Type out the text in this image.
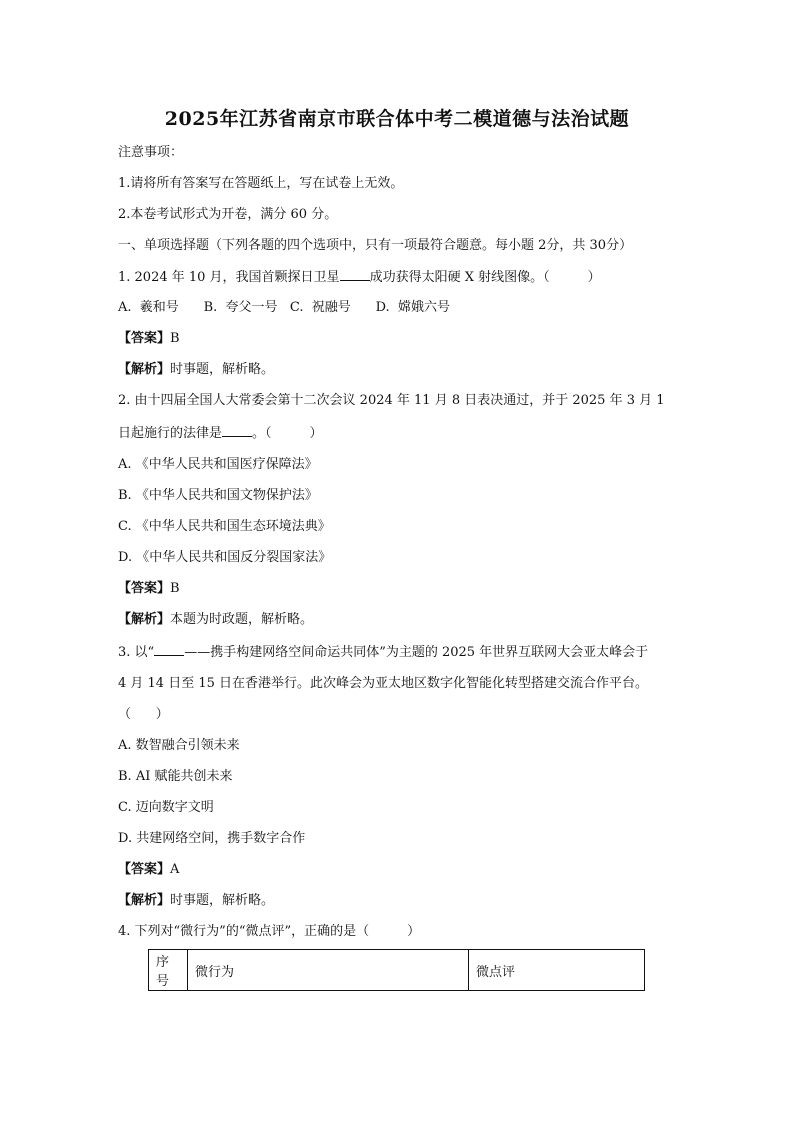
2025年江苏省南京市联合体中考二模道德与法治试题
注意事项：
1.请将所有答案写在答题纸上，写在试卷上无效。
2.本卷考试形式为开卷，满分 60 分。
一、单项选择题（下列各题的四个选项中，只有一项最符合题意。每小题 2分，共 30分）
1. 2024 年 10 月，我国首颗探日卫星 成功获得太阳硬 X 射线图像。（	）
A.  羲和号      B.  夸父一号   C.  祝融号      D.  嫦娥六号
【答案】B
【解析】时事题，解析略。
2. 由十四届全国人大常委会第十二次会议 2024 年 11 月 8 日表决通过，并于 2025 年 3 月 1
日起施行的法律是 。（	）
A. 《中华人民共和国医疗保障法》
B. 《中华人民共和国文物保护法》
C. 《中华人民共和国生态环境法典》
D. 《中华人民共和国反分裂国家法》
【答案】B
【解析】本题为时政题，解析略。
3. 以“ ——携手构建网络空间命运共同体”为主题的 2025 年世界互联网大会亚太峰会于
4 月 14 日至 15 日在香港举行。此次峰会为亚太地区数字化智能化转型搭建交流合作平台。
（      ）
A. 数智融合引领未来
B. AI 赋能共创未来
C. 迈向数字文明
D. 共建网络空间，携手数字合作
【答案】A
【解析】时事题，解析略。
4. 下列对“微行为”的“微点评”，正确的是（	）
序号	微行为	微点评
